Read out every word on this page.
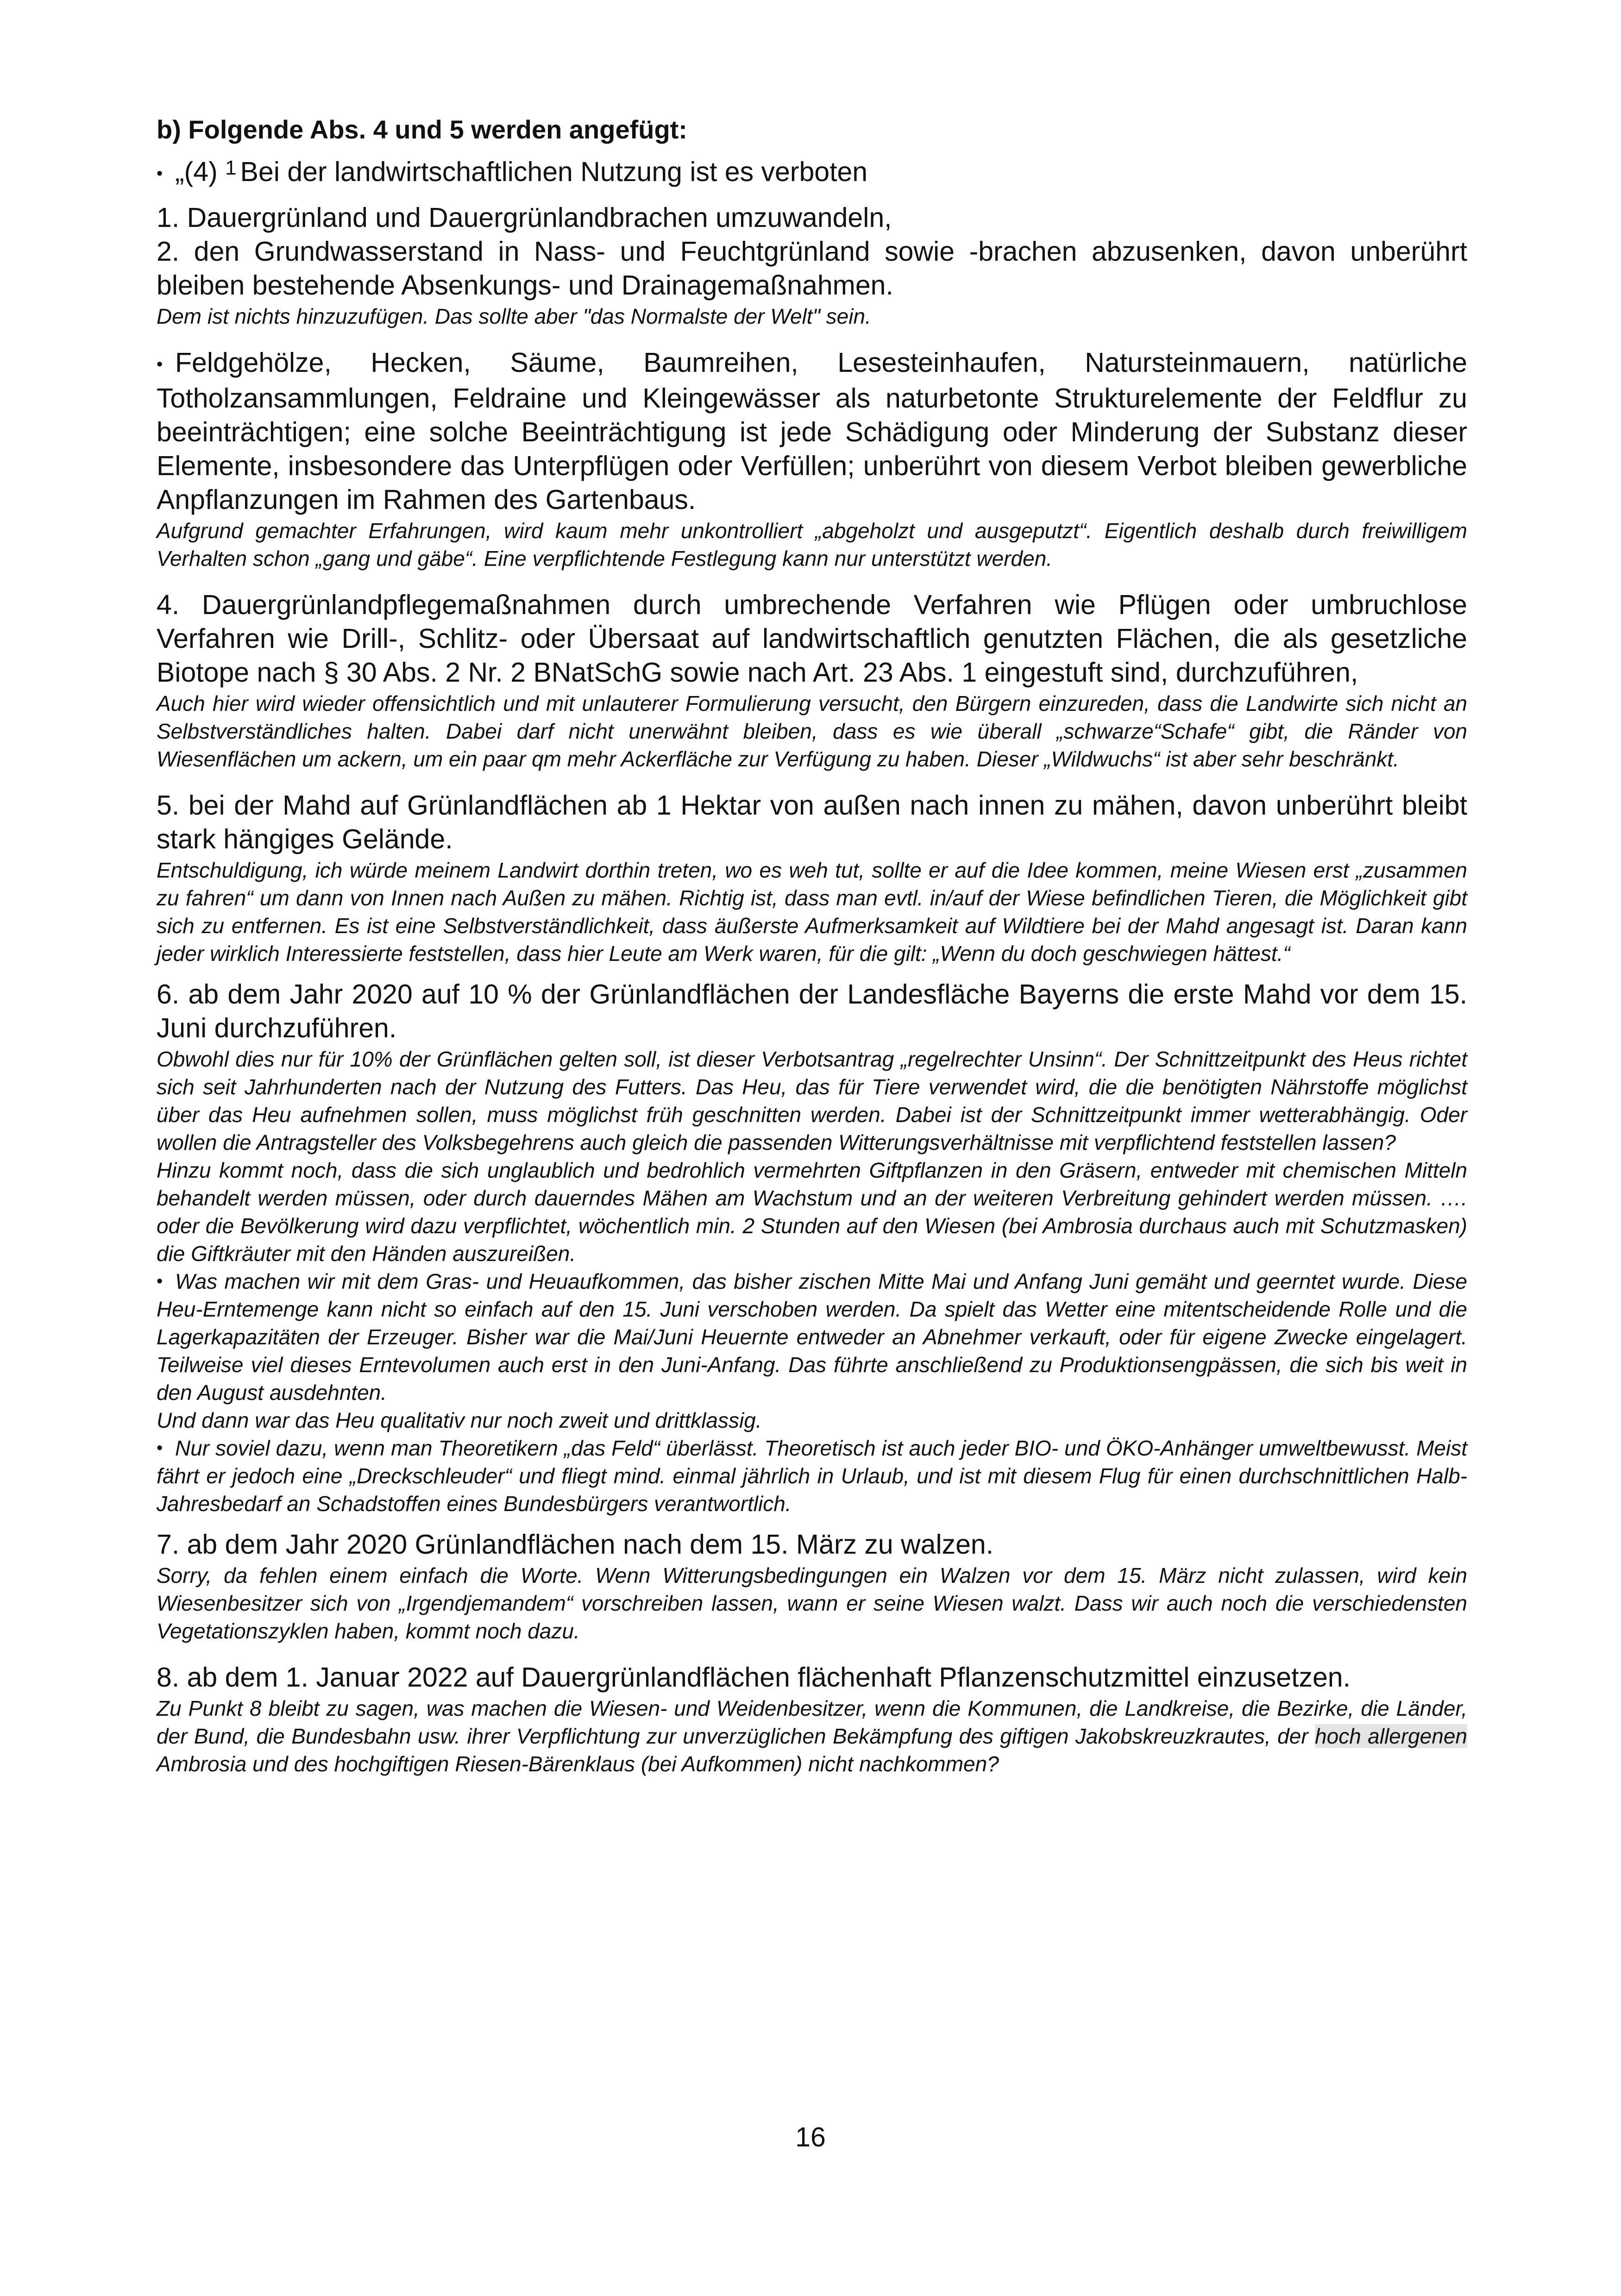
b) Folgende Abs. 4 und 5 werden angefügt:

• „(4) $^1$ Bei der landwirtschaftlichen Nutzung ist es verboten

1. Dauergrünland und Dauergrünlandbrachen umzuwandeln,

2. den Grundwasserstand in Nass- und Feuchtgrünland sowie -brachen abzusenken, davon unberührt bleiben bestehende Absenkungs- und Drainagemaßnahmen.

Dem ist nichts hinzuzufügen. Das sollte aber "das Normalste der Welt" sein.

• Feldgehölze, Hecken, Säume, Baumreihen, Lesesteinhaufen, Natursteinmauern, natürliche Totholzansammlungen, Feldraine und Kleingewässer als naturbetonte Strukturelemente der Feldflur zu beeinträchtigen; eine solche Beeinträchtigung ist jede Schädigung oder Minderung der Substanz dieser Elemente, insbesondere das Unterpflügen oder Verfüllen; unberührt von diesem Verbot bleiben gewerbliche Anpflanzungen im Rahmen des Gartenbaus.

Aufgrund gemachter Erfahrungen, wird kaum mehr unkontrolliert „abgeholzt und ausgeputzt“. Eigentlich deshalb durch freiwilligem Verhalten schon „gang und gäbe“. Eine verpflichtende Festlegung kann nur unterstützt werden.

4. Dauergrünlandpflegemaßnahmen durch umbrechende Verfahren wie Pflügen oder umbruchlose Verfahren wie Drill-, Schlitz- oder Übersaat auf landwirtschaftlich genutzten Flächen, die als gesetzliche Biotope nach § 30 Abs. 2 Nr. 2 BNatSchG sowie nach Art. 23 Abs. 1 eingestuft sind, durchzuführen,

Auch hier wird wieder offensichtlich und mit unlauterer Formulierung versucht, den Bürgern einzureden, dass die Landwirte sich nicht an Selbstverständliches halten. Dabei darf nicht unerwähnt bleiben, dass es wie überall „schwarze“Schafe“ gibt, die Ränder von Wiesenflächen um ackern, um ein paar qm mehr Ackerfläche zur Verfügung zu haben. Dieser „Wildwuchs“ ist aber sehr beschränkt.

5. bei der Mahd auf Grünlandflächen ab 1 Hektar von außen nach innen zu mähen, davon unberührt bleibt stark hängiges Gelände.

Entschuldigung, ich würde meinem Landwirt dorthin treten, wo es weh tut, sollte er auf die Idee kommen, meine Wiesen erst „zusammen zu fahren“ um dann von Innen nach Außen zu mähen. Richtig ist, dass man evtl. in/auf der Wiese befindlichen Tieren, die Möglichkeit gibt sich zu entfernen. Es ist eine Selbstverständlichkeit, dass äußerste Aufmerksamkeit auf Wildtiere bei der Mahd angesagt ist. Daran kann jeder wirklich Interessierte feststellen, dass hier Leute am Werk waren, für die gilt: „Wenn du doch geschwiegen hättest.“

6. ab dem Jahr 2020 auf 10 % der Grünlandflächen der Landesfläche Bayerns die erste Mahd vor dem 15. Juni durchzuführen.

Obwohl dies nur für 10% der Grünflächen gelten soll, ist dieser Verbotsantrag „regelrechter Unsinn“. Der Schnittzeitpunkt des Heus richtet sich seit Jahrhunderten nach der Nutzung des Futters. Das Heu, das für Tiere verwendet wird, die die benötigten Nährstoffe möglichst über das Heu aufnehmen sollen, muss möglichst früh geschnitten werden. Dabei ist der Schnittzeitpunkt immer wetterabhängig. Oder wollen die Antragsteller des Volksbegehrens auch gleich die passenden Witterungsverhältnisse mit verpflichtend feststellen lassen?

Hinzu kommt noch, dass die sich unglaublich und bedrohlich vermehrten Giftpflanzen in den Gräsern, entweder mit chemischen Mitteln behandelt werden müssen, oder durch dauerndes Mähen am Wachstum und an der weiteren Verbreitung gehindert werden müssen. …. oder die Bevölkerung wird dazu verpflichtet, wöchentlich min. 2 Stunden auf den Wiesen (bei Ambrosia durchaus auch mit Schutzmasken) die Giftkräuter mit den Händen auszureißen.

• Was machen wir mit dem Gras- und Heuaufkommen, das bisher zischen Mitte Mai und Anfang Juni gemäht und geerntet wurde. Diese Heu-Erntemenge kann nicht so einfach auf den 15. Juni verschoben werden. Da spielt das Wetter eine mitentscheidende Rolle und die Lagerkapazitäten der Erzeuger. Bisher war die Mai/Juni Heuernte entweder an Abnehmer verkauft, oder für eigene Zwecke eingelagert. Teilweise viel dieses Erntevolumen auch erst in den Juni-Anfang. Das führte anschließend zu Produktionsengpässen, die sich bis weit in den August ausdehnten.

Und dann war das Heu qualitativ nur noch zweit und drittklassig.

• Nur soviel dazu, wenn man Theoretikern „das Feld“ überlässt. Theoretisch ist auch jeder BIO- und ÖKO-Anhänger umweltbewusst. Meist fährt er jedoch eine „Dreckschleuder“ und fliegt mind. einmal jährlich in Urlaub, und ist mit diesem Flug für einen durchschnittlichen Halb-Jahresbedarf an Schadstoffen eines Bundesbürgers verantwortlich.

7. ab dem Jahr 2020 Grünlandflächen nach dem 15. März zu walzen.

Sorry, da fehlen einem einfach die Worte. Wenn Witterungsbedingungen ein Walzen vor dem 15. März nicht zulassen, wird kein Wiesenbesitzer sich von „Irgendjemandem“ vorschreiben lassen, wann er seine Wiesen walzt. Dass wir auch noch die verschiedensten Vegetationszyklen haben, kommt noch dazu.

8. ab dem 1. Januar 2022 auf Dauergrünlandflächen flächenhaft Pflanzenschutzmittel einzusetzen.

Zu Punkt 8 bleibt zu sagen, was machen die Wiesen- und Weidenbesitzer, wenn die Kommunen, die Landkreise, die Bezirke, die Länder, der Bund, die Bundesbahn usw. ihrer Verpflichtung zur unverzüglichen Bekämpfung des giftigen Jakobskreuzkrautes, der hoch allergenen Ambrosia und des hochgiftigen Riesen-Bärenklaus (bei Aufkommen) nicht nachkommen?

16
